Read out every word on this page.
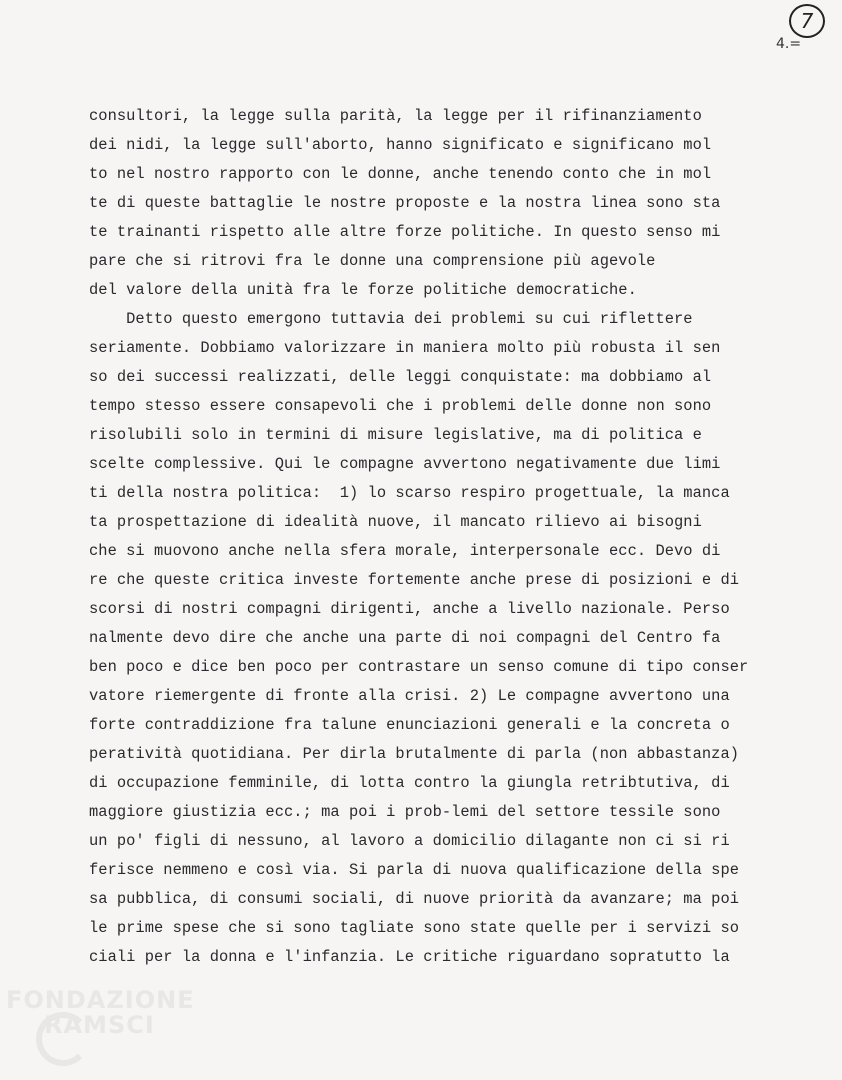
7
4.=
consultori, la legge sulla parità, la legge per il rifinanziamento
dei nidi, la legge sull'aborto, hanno significato e significano mol
to nel nostro rapporto con le donne, anche tenendo conto che in mol
te di queste battaglie le nostre proposte e la nostra linea sono sta
te trainanti rispetto alle altre forze politiche. In questo senso mi
pare che si ritrovi fra le donne una comprensione più agevole
del valore della unità fra le forze politiche democratiche.
Detto questo emergono tuttavia dei problemi su cui riflettere
seriamente. Dobbiamo valorizzare in maniera molto più robusta il sen
so dei successi realizzati, delle leggi conquistate: ma dobbiamo al
tempo stesso essere consapevoli che i problemi delle donne non sono
risolubili solo in termini di misure legislative, ma di politica e
scelte complessive. Qui le compagne avvertono negativamente due limi
ti della nostra politica:  1) lo scarso respiro progettuale, la manca
ta prospettazione di idealità nuove, il mancato rilievo ai bisogni
che si muovono anche nella sfera morale, interpersonale ecc. Devo di
re che queste critica investe fortemente anche prese di posizioni e di
scorsi di nostri compagni dirigenti, anche a livello nazionale. Perso
nalmente devo dire che anche una parte di noi compagni del Centro fa
ben poco e dice ben poco per contrastare un senso comune di tipo conser
vatore riemergente di fronte alla crisi. 2) Le compagne avvertono una
forte contraddizione fra talune enunciazioni generali e la concreta o
peratività quotidiana. Per dirla brutalmente di parla (non abbastanza)
di occupazione femminile, di lotta contro la giungla retribtutiva, di
maggiore giustizia ecc.; ma poi i prob-lemi del settore tessile sono
un po' figli di nessuno, al lavoro a domicilio dilagante non ci si ri
ferisce nemmeno e così via. Si parla di nuova qualificazione della spe
sa pubblica, di consumi sociali, di nuove priorità da avanzare; ma poi
le prime spese che si sono tagliate sono state quelle per i servizi so
ciali per la donna e l'infanzia. Le critiche riguardano sopratutto la
FONDAZIONE
RAMSCI
